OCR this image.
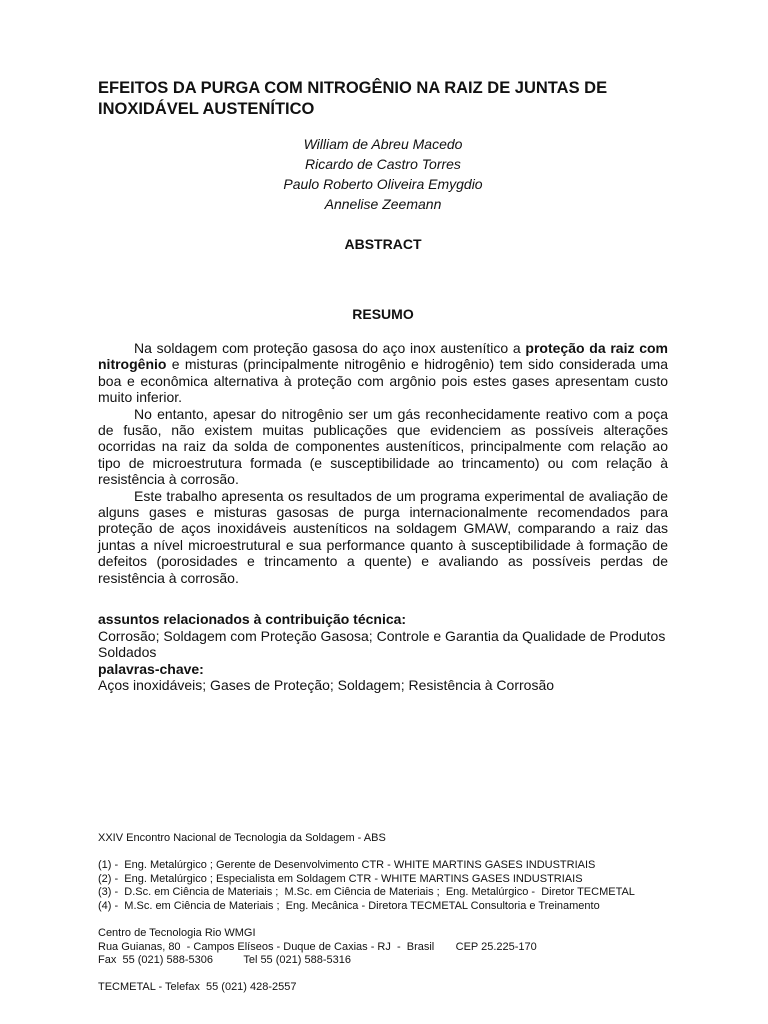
EFEITOS DA PURGA COM NITROGÊNIO NA RAIZ DE JUNTAS DE INOXIDÁVEL AUSTENÍTICO
William de Abreu Macedo
Ricardo de Castro Torres
Paulo Roberto Oliveira Emygdio
Annelise Zeemann
ABSTRACT
RESUMO

Na soldagem com proteção gasosa do aço inox austenítico a proteção da raiz com nitrogênio e misturas (principalmente nitrogênio e hidrogênio) tem sido considerada uma boa e econômica alternativa à proteção com argônio pois estes gases apresentam custo muito inferior.

No entanto, apesar do nitrogênio ser um gás reconhecidamente reativo com a poça de fusão, não existem muitas publicações que evidenciem as possíveis alterações ocorridas na raiz da solda de componentes austeníticos, principalmente com relação ao tipo de microestrutura formada (e susceptibilidade ao trincamento) ou com relação à resistência à corrosão.

Este trabalho apresenta os resultados de um programa experimental de avaliação de alguns gases e misturas gasosas de purga internacionalmente recomendados para proteção de aços inoxidáveis austeníticos na soldagem GMAW, comparando a raiz das juntas a nível microestrutural e sua performance quanto à susceptibilidade à formação de defeitos (porosidades e trincamento a quente) e avaliando as possíveis perdas de resistência à corrosão.

assuntos relacionados à contribuição técnica:
Corrosão; Soldagem com Proteção Gasosa; Controle e Garantia da Qualidade de Produtos Soldados
palavras-chave:
Aços inoxidáveis; Gases de Proteção; Soldagem; Resistência à Corrosão
XXIV Encontro Nacional de Tecnologia da Soldagem - ABS
(1) -  Eng. Metalúrgico ; Gerente de Desenvolvimento CTR - WHITE MARTINS GASES INDUSTRIAIS
(2) -  Eng. Metalúrgico ; Especialista em Soldagem CTR - WHITE MARTINS GASES INDUSTRIAIS
(3) -  D.Sc. em Ciência de Materiais ;  M.Sc. em Ciência de Materiais ;  Eng. Metalúrgico -  Diretor TECMETAL
(4) -  M.Sc. em Ciência de Materiais ;  Eng. Mecânica - Diretora TECMETAL Consultoria e Treinamento
Centro de Tecnologia Rio WMGI
Rua Guianas, 80  - Campos Elíseos - Duque de Caxias - RJ  -  Brasil       CEP 25.225-170
Fax  55 (021) 588-5306          Tel 55 (021) 588-5316
TECMETAL - Telefax  55 (021) 428-2557
